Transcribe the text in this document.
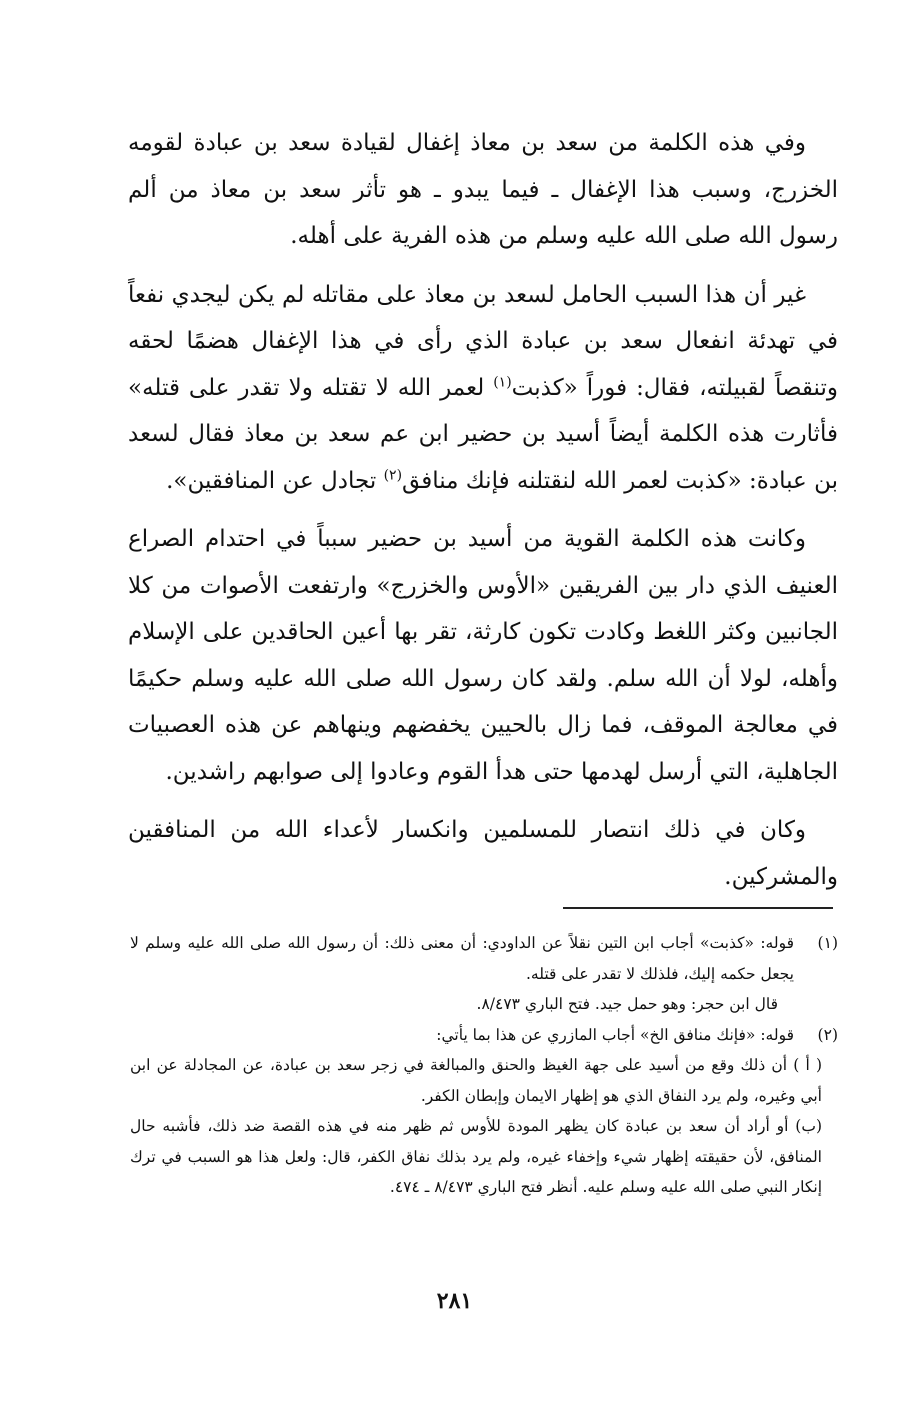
وفي هذه الكلمة من سعد بن معاذ إغفال لقيادة سعد بن عبادة لقومه الخزرج، وسبب هذا الإغفال ـ فيما يبدو ـ هو تأثر سعد بن معاذ من ألم رسول الله صلى الله عليه وسلم من هذه الفرية على أهله.

غير أن هذا السبب الحامل لسعد بن معاذ على مقاتله لم يكن ليجدي نفعاً في تهدئة انفعال سعد بن عبادة الذي رأى في هذا الإغفال هضمًا لحقه وتنقصاً لقبيلته، فقال: فوراً «كذبت$^{(١)}$ لعمر الله لا تقتله ولا تقدر على قتله» فأثارت هذه الكلمة أيضاً أسيد بن حضير ابن عم سعد بن معاذ فقال لسعد بن عبادة: «كذبت لعمر الله لنقتلنه فإنك منافق$^{(٢)}$ تجادل عن المنافقين».

وكانت هذه الكلمة القوية من أسيد بن حضير سبباً في احتدام الصراع العنيف الذي دار بين الفريقين «الأوس والخزرج» وارتفعت الأصوات من كلا الجانبين وكثر اللغط وكادت تكون كارثة، تقر بها أعين الحاقدين على الإسلام وأهله، لولا أن الله سلم. ولقد كان رسول الله صلى الله عليه وسلم حكيمًا في معالجة الموقف، فما زال بالحيين يخفضهم وينهاهم عن هذه العصبيات الجاهلية، التي أرسل لهدمها حتى هدأ القوم وعادوا إلى صوابهم راشدين.

وكان في ذلك انتصار للمسلمين وانكسار لأعداء الله من المنافقين والمشركين.

(١)

قوله: «كذبت» أجاب ابن التين نقلاً عن الداودي: أن معنى ذلك: أن رسول الله صلى الله عليه وسلم لا يجعل حكمه إليك، فلذلك لا تقدر على قتله.

قال ابن حجر: وهو حمل جيد. فتح الباري ٨/٤٧٣.

(٢)

قوله: «فإنك منافق الخ» أجاب المازري عن هذا بما يأتي:

( أ ) أن ذلك وقع من أسيد على جهة الغيظ والحنق والمبالغة في زجر سعد بن عبادة، عن المجادلة عن ابن أبي وغيره، ولم يرد النفاق الذي هو إظهار الايمان وإبطان الكفر.

(ب) أو أراد أن سعد بن عبادة كان يظهر المودة للأوس ثم ظهر منه في هذه القصة ضد ذلك، فأشبه حال المنافق، لأن حقيقته إظهار شيء وإخفاء غيره، ولم يرد بذلك نفاق الكفر، قال: ولعل هذا هو السبب في ترك إنكار النبي صلى الله عليه وسلم عليه. أنظر فتح الباري ٨/٤٧٣ ـ ٤٧٤.

٢٨١
